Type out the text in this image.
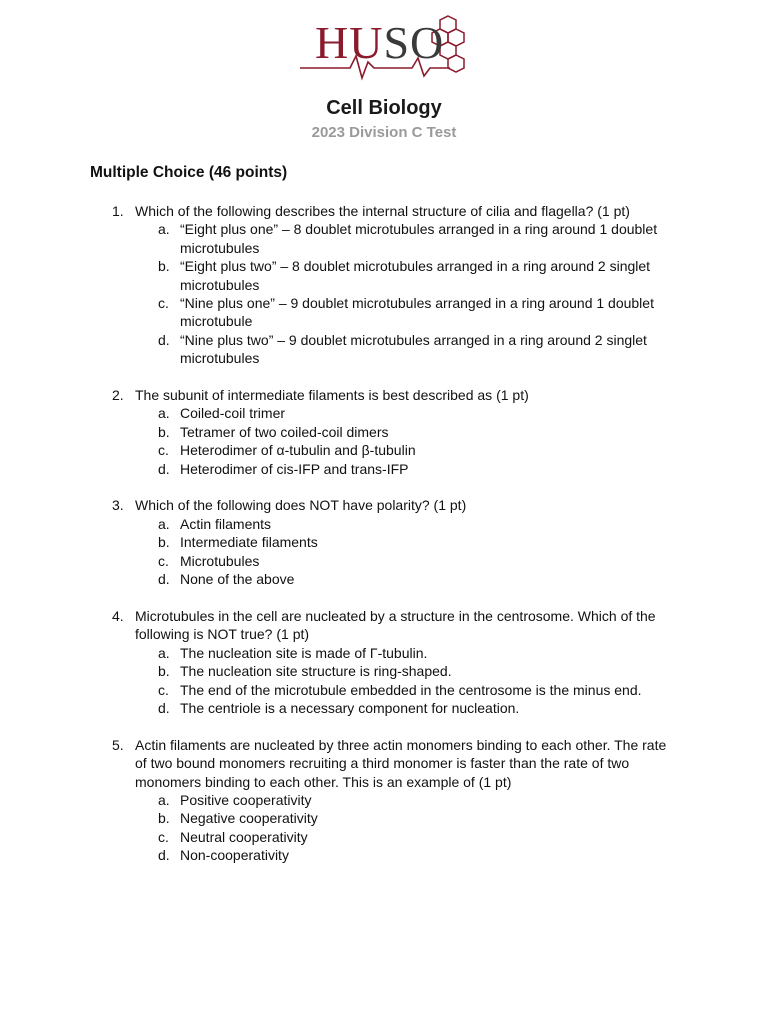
HUSO
Cell Biology
2023 Division C Test
Multiple Choice (46 points)
1. Which of the following describes the internal structure of cilia and flagella? (1 pt)
a. “Eight plus one” – 8 doublet microtubules arranged in a ring around 1 doublet microtubules
b. “Eight plus two” – 8 doublet microtubules arranged in a ring around 2 singlet microtubules
c. “Nine plus one” – 9 doublet microtubules arranged in a ring around 1 doublet microtubule
d. “Nine plus two” – 9 doublet microtubules arranged in a ring around 2 singlet microtubules
2. The subunit of intermediate filaments is best described as (1 pt)
a. Coiled-coil trimer
b. Tetramer of two coiled-coil dimers
c. Heterodimer of α-tubulin and β-tubulin
d. Heterodimer of cis-IFP and trans-IFP
3. Which of the following does NOT have polarity? (1 pt)
a. Actin filaments
b. Intermediate filaments
c. Microtubules
d. None of the above
4. Microtubules in the cell are nucleated by a structure in the centrosome. Which of the following is NOT true? (1 pt)
a. The nucleation site is made of Γ-tubulin.
b. The nucleation site structure is ring-shaped.
c. The end of the microtubule embedded in the centrosome is the minus end.
d. The centriole is a necessary component for nucleation.
5. Actin filaments are nucleated by three actin monomers binding to each other. The rate of two bound monomers recruiting a third monomer is faster than the rate of two monomers binding to each other. This is an example of (1 pt)
a. Positive cooperativity
b. Negative cooperativity
c. Neutral cooperativity
d. Non-cooperativity
